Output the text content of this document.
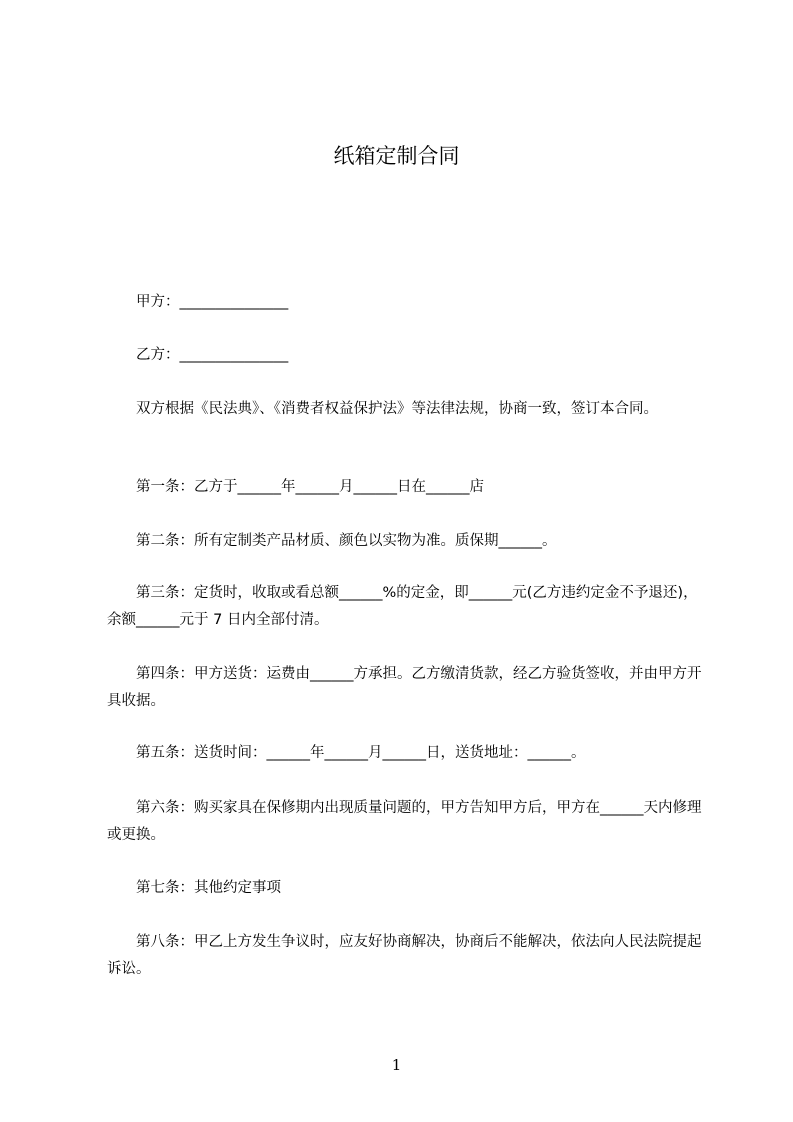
纸箱定制合同
甲方：_______________
乙方：_______________
双方根据《民法典》、《消费者权益保护法》等法律法规，协商一致，签订本合同。
第一条：乙方于______年______月______日在______店
第二条：所有定制类产品材质、颜色以实物为准。质保期______。
第三条：定货时，收取或看总额______%的定金，即______元(乙方违约定金不予退还)，余额______元于 7 日内全部付清。
第四条：甲方送货：运费由______方承担。乙方缴清货款，经乙方验货签收，并由甲方开具收据。
第五条：送货时间：______年______月______日，送货地址：______。
第六条：购买家具在保修期内出现质量问题的，甲方告知甲方后，甲方在______天内修理或更换。
第七条：其他约定事项
第八条：甲乙上方发生争议时，应友好协商解决，协商后不能解决，依法向人民法院提起诉讼。
1
